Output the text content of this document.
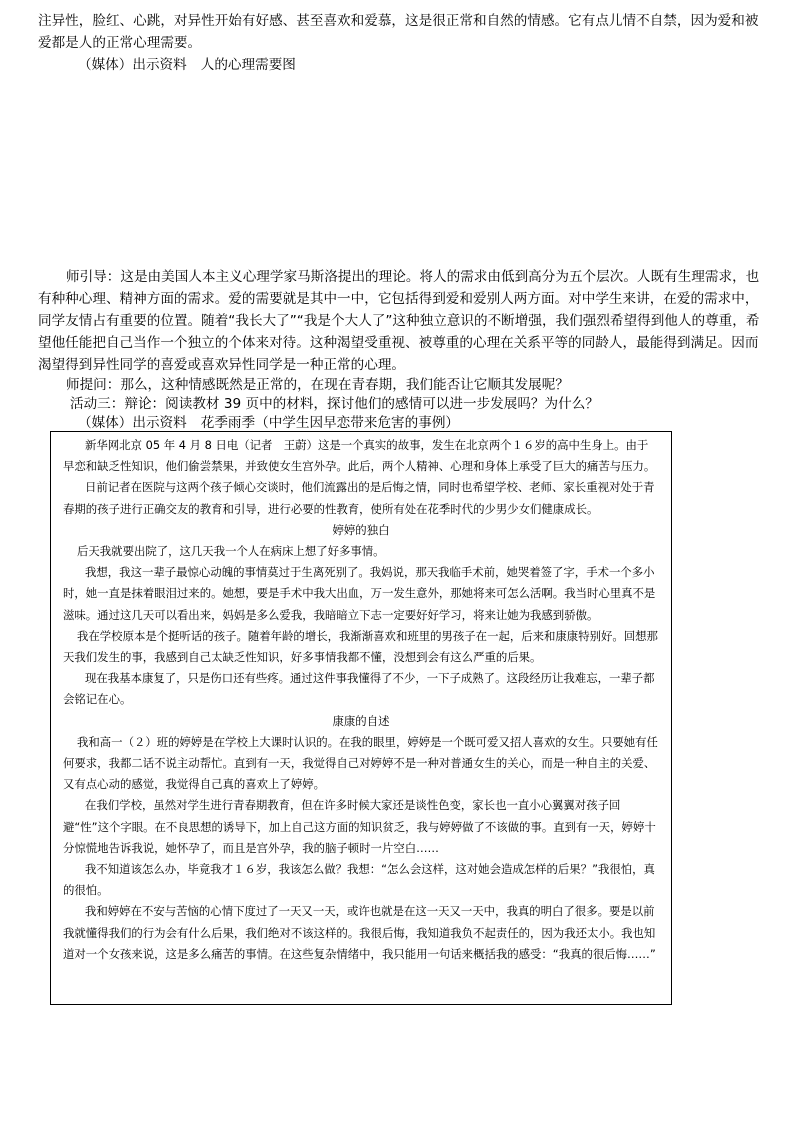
注异性，脸红、心跳，对异性开始有好感、甚至喜欢和爱慕，这是很正常和自然的情感。它有点儿情不自禁，因为爱和被爱都是人的正常心理需要。

（媒体）出示资料 人的心理需要图

师引导：这是由美国人本主义心理学家马斯洛提出的理论。将人的需求由低到高分为五个层次。人既有生理需求，也有种种心理、精神方面的需求。爱的需要就是其中一中，它包括得到爱和爱别人两方面。对中学生来讲，在爱的需求中，同学友情占有重要的位置。随着“我长大了”“我是个大人了”这种独立意识的不断增强，我们强烈希望得到他人的尊重，希望他任能把自己当作一个独立的个体来对待。这种渴望受重视、被尊重的心理在关系平等的同龄人，最能得到满足。因而渴望得到异性同学的喜爱或喜欢异性同学是一种正常的心理。

师提问：那么，这种情感既然是正常的，在现在青春期，我们能否让它顺其发展呢？

活动三：辩论：阅读教材 39 页中的材料，探讨他们的感情可以进一步发展吗？为什么？

（媒体）出示资料 花季雨季（中学生因早恋带来危害的事例）

新华网北京 05 年 4 月 8 日电（记者　王蔚）这是一个真实的故事，发生在北京两个１６岁的高中生身上。由于早恋和缺乏性知识，他们偷尝禁果，并致使女生宫外孕。此后，两个人精神、心理和身体上承受了巨大的痛苦与压力。

日前记者在医院与这两个孩子倾心交谈时，他们流露出的是后悔之情，同时也希望学校、老师、家长重视对处于青春期的孩子进行正确交友的教育和引导，进行必要的性教育，使所有处在花季时代的少男少女们健康成长。

婷婷的独白

后天我就要出院了，这几天我一个人在病床上想了好多事情。

我想，我这一辈子最惊心动魄的事情莫过于生离死别了。我妈说，那天我临手术前，她哭着签了字，手术一个多小时，她一直是抹着眼泪过来的。她想，要是手术中我大出血，万一发生意外，那她将来可怎么活啊。我当时心里真不是滋味。通过这几天可以看出来，妈妈是多么爱我，我暗暗立下志一定要好好学习，将来让她为我感到骄傲。

我在学校原本是个挺听话的孩子。随着年龄的增长，我渐渐喜欢和班里的男孩子在一起，后来和康康特别好。回想那天我们发生的事，我感到自己太缺乏性知识，好多事情我都不懂，没想到会有这么严重的后果。

现在我基本康复了，只是伤口还有些疼。通过这件事我懂得了不少，一下子成熟了。这段经历让我难忘，一辈子都会铭记在心。

康康的自述

我和高一（２）班的婷婷是在学校上大课时认识的。在我的眼里，婷婷是一个既可爱又招人喜欢的女生。只要她有任何要求，我都二话不说主动帮忙。直到有一天，我觉得自己对婷婷不是一种对普通女生的关心，而是一种自主的关爱、又有点心动的感觉，我觉得自己真的喜欢上了婷婷。

在我们学校，虽然对学生进行青春期教育，但在许多时候大家还是谈性色变，家长也一直小心翼翼对孩子回避“性”这个字眼。在不良思想的诱导下，加上自己这方面的知识贫乏，我与婷婷做了不该做的事。直到有一天，婷婷十分惊慌地告诉我说，她怀孕了，而且是宫外孕，我的脑子顿时一片空白……

我不知道该怎么办，毕竟我才１６岁，我该怎么做？我想：“怎么会这样，这对她会造成怎样的后果？”我很怕，真的很怕。

我和婷婷在不安与苦恼的心情下度过了一天又一天，或许也就是在这一天又一天中，我真的明白了很多。要是以前我就懂得我们的行为会有什么后果，我们绝对不该这样的。我很后悔，我知道我负不起责任的，因为我还太小。我也知道对一个女孩来说，这是多么痛苦的事情。在这些复杂情绪中，我只能用一句话来概括我的感受：“我真的很后悔……”
